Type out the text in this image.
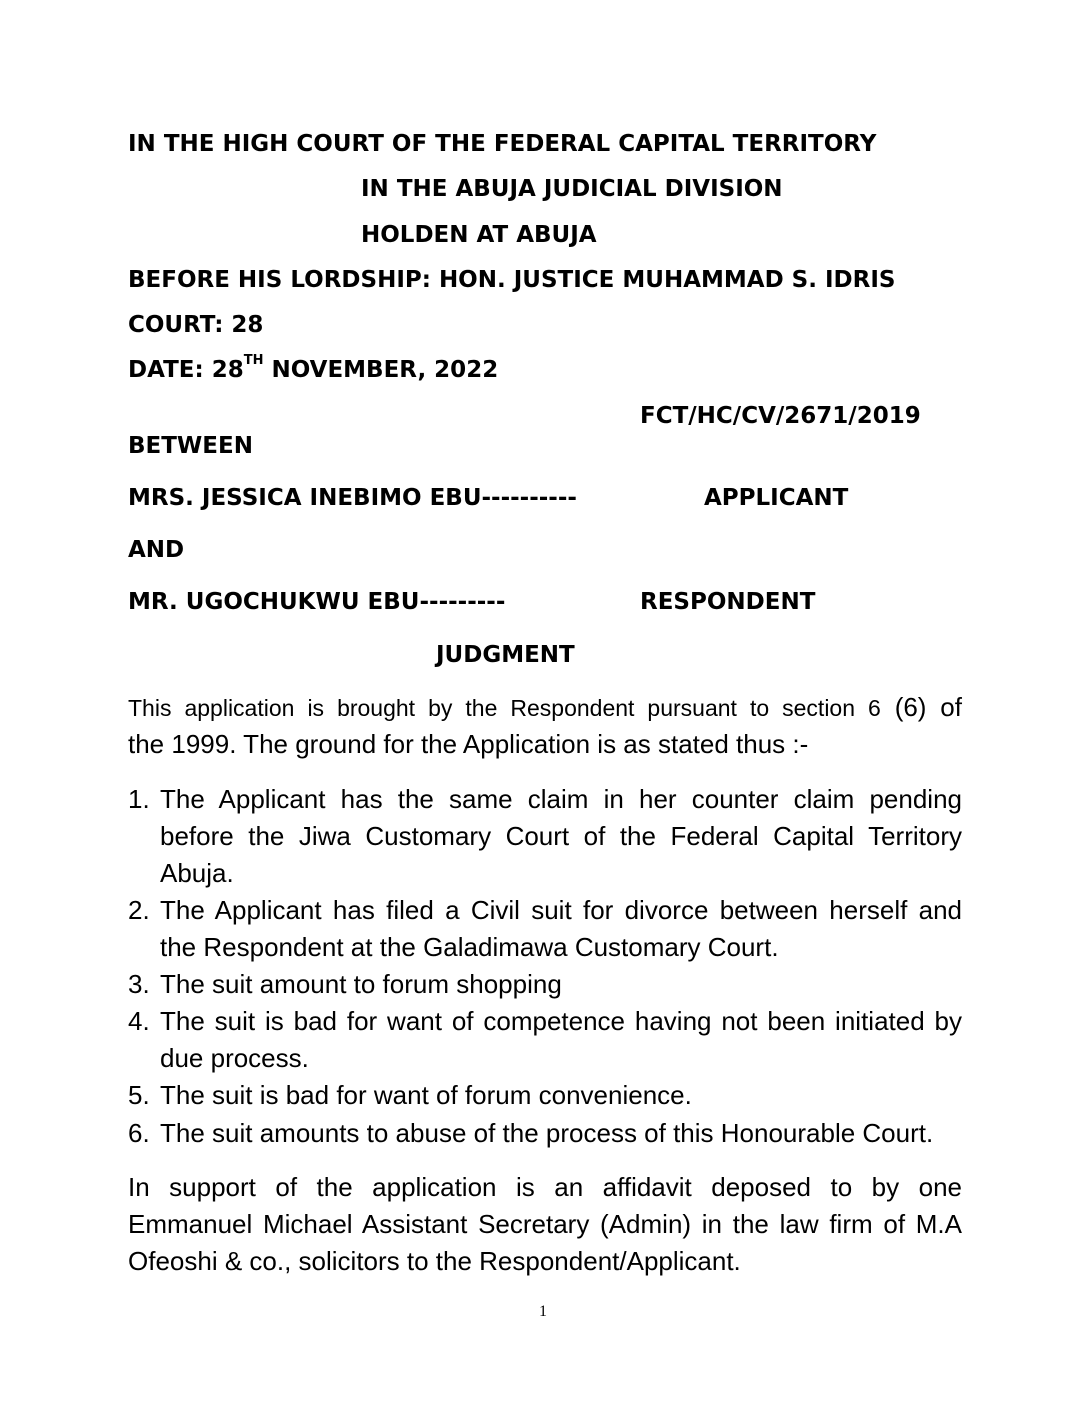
IN THE HIGH COURT OF THE FEDERAL CAPITAL TERRITORY
IN THE ABUJA JUDICIAL DIVISION
HOLDEN AT ABUJA
BEFORE HIS LORDSHIP: HON. JUSTICE MUHAMMAD S. IDRIS
COURT: 28
DATE: 28TH NOVEMBER, 2022
FCT/HC/CV/2671/2019
BETWEEN
MRS. JESSICA INEBIMO EBU----------	APPLICANT
AND
MR. UGOCHUKWU EBU---------	RESPONDENT
JUDGMENT
This application is brought by the Respondent pursuant to section 6 (6) of
the 1999. The ground for the Application is as stated thus :-
1. The Applicant has the same claim in her counter claim pending
before the Jiwa Customary Court of the Federal Capital Territory
Abuja.
2. The Applicant has filed a Civil suit for divorce between herself and
the Respondent at the Galadimawa Customary Court.
3. The suit amount to forum shopping
4. The suit is bad for want of competence having not been initiated by
due process.
5. The suit is bad for want of forum convenience.
6. The suit amounts to abuse of the process of this Honourable Court.
In support of the application is an affidavit deposed to by one
Emmanuel Michael Assistant Secretary (Admin) in the law firm of M.A
Ofeoshi & co., solicitors to the Respondent/Applicant.
1
